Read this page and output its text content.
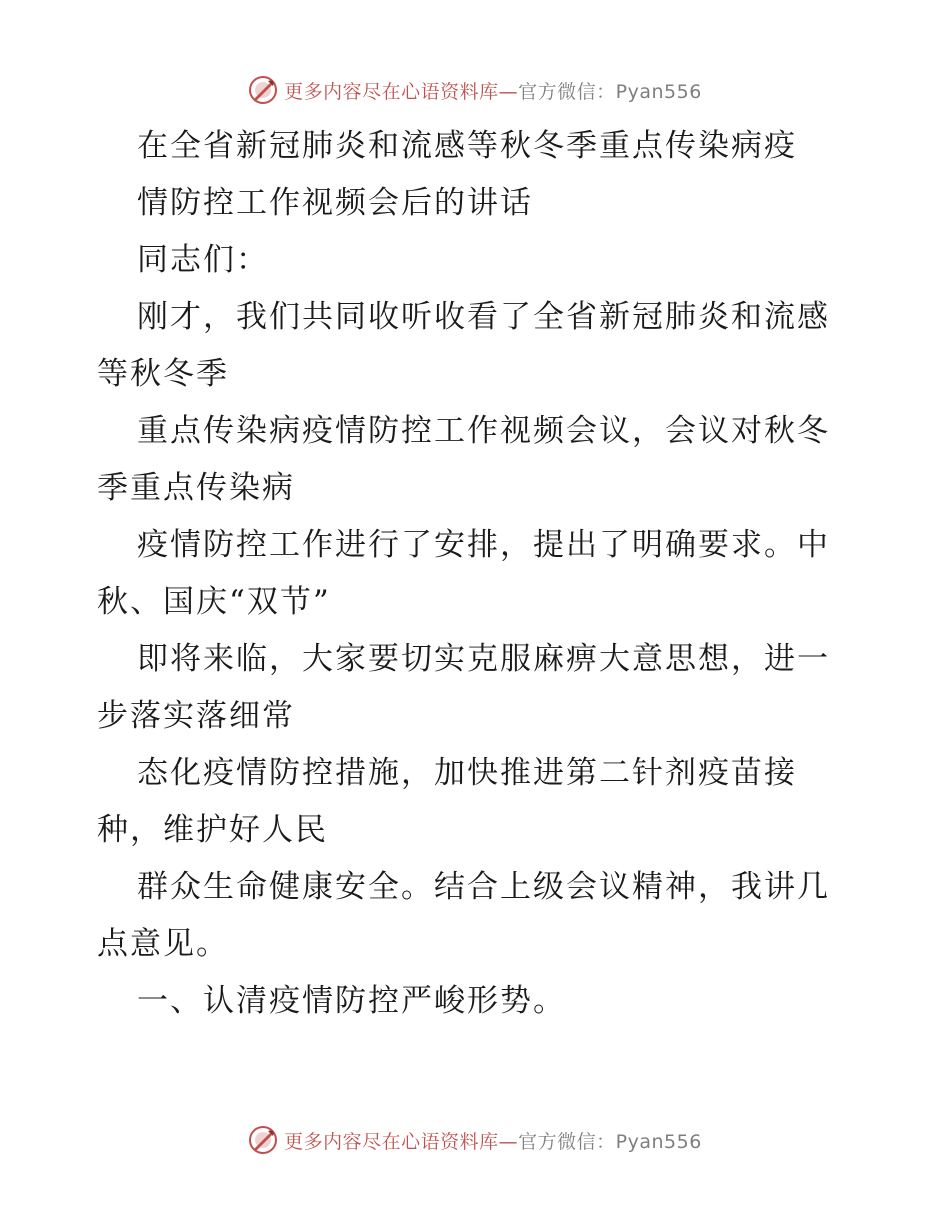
更多内容尽在心语资料库—官方微信：Pyan556
在全省新冠肺炎和流感等秋冬季重点传染病疫
情防控工作视频会后的讲话
同志们：
刚才，我们共同收听收看了全省新冠肺炎和流感
等秋冬季
重点传染病疫情防控工作视频会议，会议对秋冬
季重点传染病
疫情防控工作进行了安排，提出了明确要求。中
秋、国庆“双节”
即将来临，大家要切实克服麻痹大意思想，进一
步落实落细常
态化疫情防控措施，加快推进第二针剂疫苗接
种，维护好人民
群众生命健康安全。结合上级会议精神，我讲几
点意见。
一、认清疫情防控严峻形势。
更多内容尽在心语资料库—官方微信：Pyan556
